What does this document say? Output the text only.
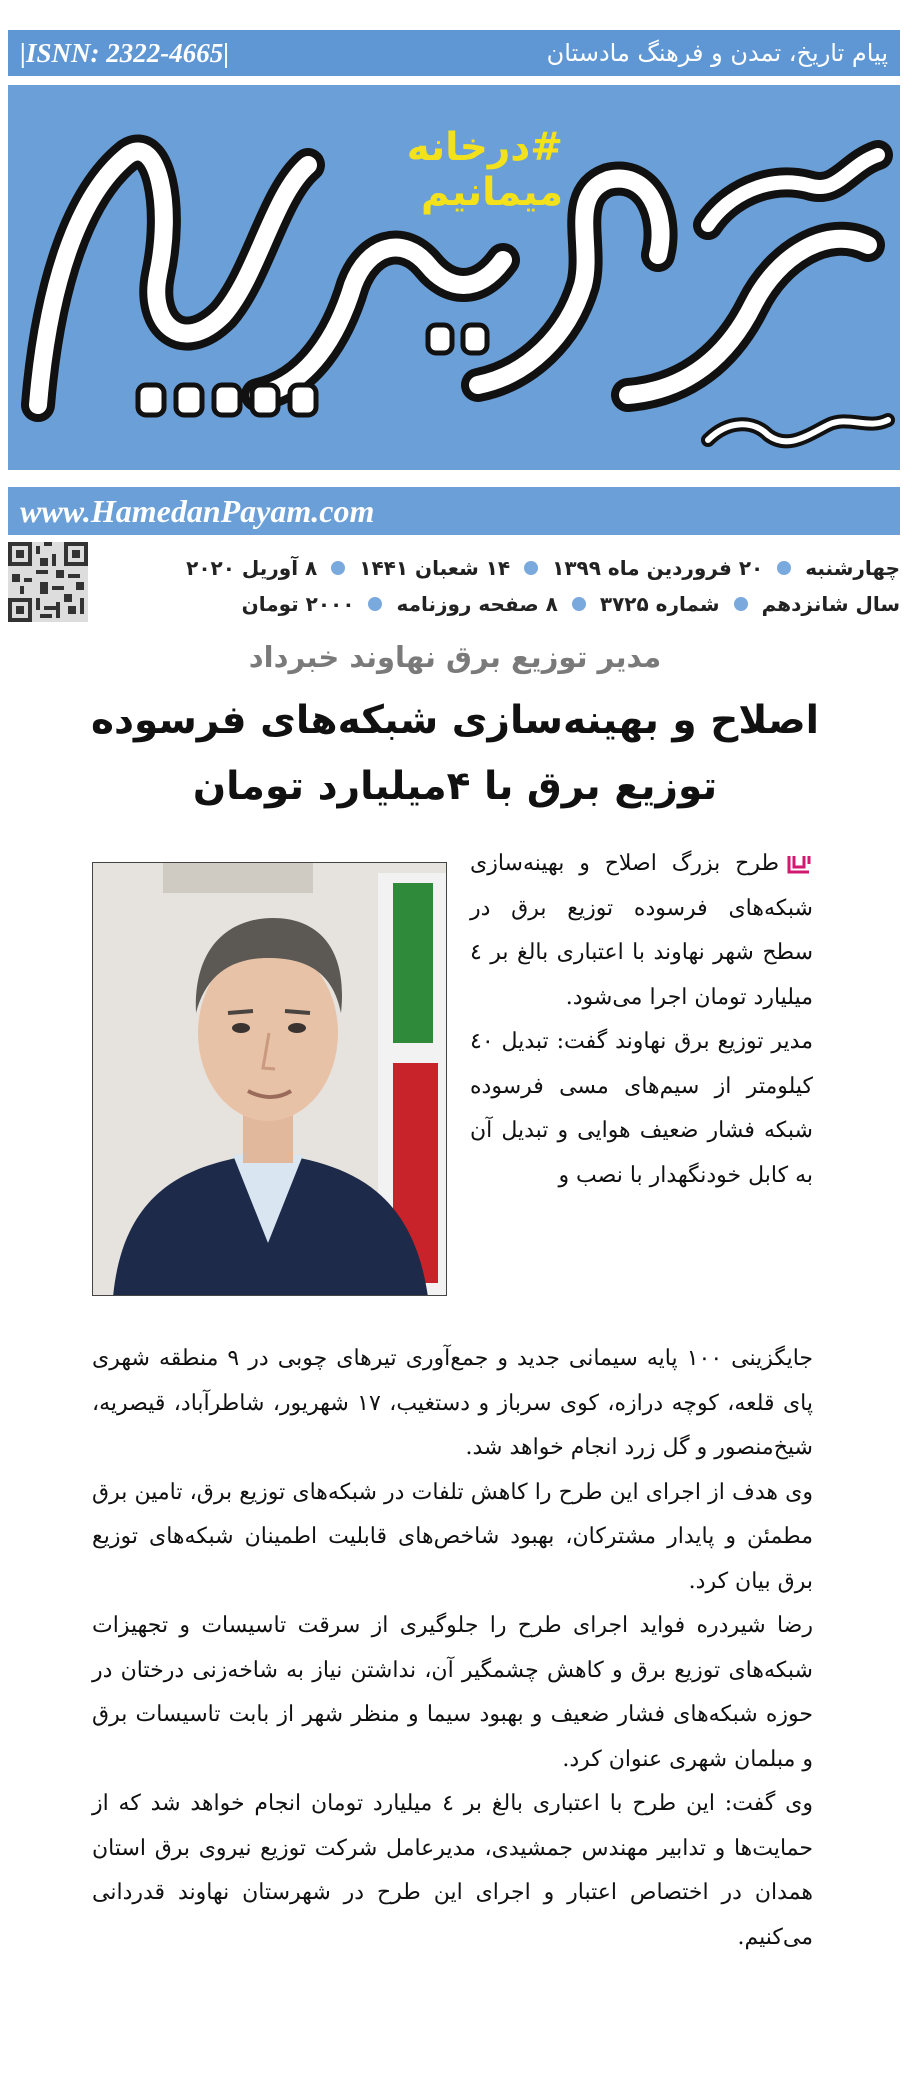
|ISNN: 2322-4665|	پیام تاریخ، تمدن و فرهنگ مادستان
#درخانه میمانیم
www.HamedanPayam.com
چهارشنبه
۲۰ فروردین ماه ۱۳۹۹
۱۴ شعبان ۱۴۴۱
۸ آوریل ۲۰۲۰
سال شانزدهم
شماره ۳۷۲۵
۸ صفحه روزنامه
۲۰۰۰ تومان
مدیر توزیع برق نهاوند خبرداد
اصلاح و بهینه‌سازی شبکه‌های فرسوده
توزیع برق با ۴میلیارد تومان

طرح بزرگ اصلاح و بهینه‌سازی شبکه‌های فرسوده توزیع برق در سطح شهر نهاوند با اعتباری بالغ بر ٤ میلیارد تومان اجرا می‌شود.

مدیر توزیع برق نهاوند گفت: تبدیل ٤٠ کیلومتر از سیم‌های مسی فرسوده شبکه فشار ضعیف هوایی و تبدیل آن به کابل خودنگهدار با نصب و

جایگزینی ۱۰۰ پایه سیمانی جدید و جمع‌آوری تیرهای چوبی در ۹ منطقه شهری پای قلعه، کوچه درازه، کوی سرباز و دستغیب، ۱۷ شهریور، شاطرآباد، قیصریه، شیخ‌منصور و گل زرد انجام خواهد شد.

وی هدف از اجرای این طرح را کاهش تلفات در شبکه‌های توزیع برق، تامین برق مطمئن و پایدار مشترکان، بهبود شاخص‌های قابلیت اطمینان شبکه‌های توزیع برق بیان کرد.

رضا شیردره فواید اجرای طرح را جلوگیری از سرقت تاسیسات و تجهیزات شبکه‌های توزیع برق و کاهش چشمگیر آن، نداشتن نیاز به شاخه‌زنی درختان در حوزه شبکه‌های فشار ضعیف و بهبود سیما و منظر شهر از بابت تاسیسات برق و مبلمان شهری عنوان کرد.

وی گفت: این طرح با اعتباری بالغ بر ٤ میلیارد تومان انجام خواهد شد که از حمایت‌ها و تدابیر مهندس جمشیدی، مدیرعامل شرکت توزیع نیروی برق استان همدان در اختصاص اعتبار و اجرای این طرح در شهرستان نهاوند قدردانی می‌کنیم.
